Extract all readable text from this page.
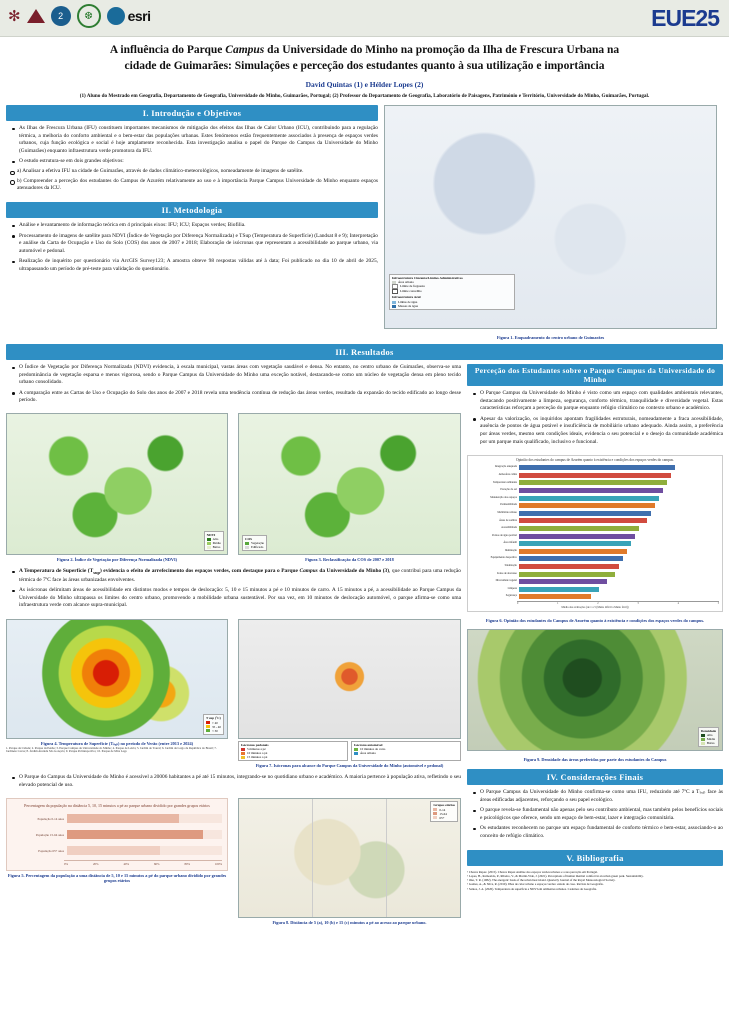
✻	2	❆	esri	EUE25
A influência do Parque Campus da Universidade do Minho na promoção da Ilha de Frescura Urbana na
cidade de Guimarães: Simulações e perceção dos estudantes quanto à sua utilização e importância
David Quintas (1) e Hélder Lopes (2)
(1) Aluno do Mestrado em Geografia, Departamento de Geografia, Universidade do Minho, Guimarães, Portugal; (2) Professor do Departamento de Geografia, Laboratório de Paisagens, Património e Território, Universidade do Minho, Guimarães, Portugal.
I. Introdução e Objetivos
As Ilhas de Frescura Urbana (IFU) constituem importantes mecanismos de mitigação dos efeitos das Ilhas de Calor Urbano (ICU), contribuindo para a regulação térmica, a melhoria do conforto ambiental e o bem-estar das populações urbanas. Estes fenómenos estão frequentemente associados à presença de espaços verdes urbanos, cuja função ecológica e social é hoje amplamente reconhecida. Esta investigação analisa o papel do Parque do Campus da Universidade do Minho (Guimarães) enquanto infraestrutura verde promotora da IFU.
O estudo estrutura-se em dois grandes objetivos:
a) Analisar a efetiva IFU na cidade de Guimarães, através de dados climático-meteorológicos, nomeadamente de imagens de satélite.
b) Compreender a perceção dos estudantes do Campus de Azurém relativamente ao uso e à importância Parque Campus Universidade do Minho enquanto espaços atenuadores da ICU.
II. Metodologia
Análise e levantamento de informação teórica em 4 principais eixos: IFU; ICU; Espaços verdes; Biofilia.
Processamento de imagens de satélite para NDVI (Índice de Vegetação por Diferença Normalizada) e TSup (Temperatura de Superfície) (Landsat 8 e 9); Interpretação e análise da Carta de Ocupação e Uso do Solo (COS) dos anos de 2007 e 2018; Elaboração de isócronas que representam a acessibilidade ao parque urbano, via automóvel e pedonal.
Realização de inquérito por questionário via ArcGIS Survey123; A amostra obteve 98 respostas válidas até à data; Foi publicado no dia 10 de abril de 2025, ultrapassando um período de pré-teste para validação do questionário.
Infraestrutura Cinzenta/Limites Administrativos
Área urbana
Limite de freguesia
Limite concelhio
Infraestrutura Azul
Linhas de água
Massas de água
Figura 1. Enquadramento do centro urbano de Guimarães
III. Resultados
O Índice de Vegetação por Diferença Normalizada (NDVI) evidencia, à escala municipal, vastas áreas com vegetação saudável e densa. No entanto, no centro urbano de Guimarães, observa-se uma predominância de vegetação esparsa e menos vigorosa, sendo o Parque Campus da Universidade do Minho uma exceção notável, destacando-se como um núcleo de vegetação densa em pleno tecido urbano consolidado.
A comparação entre as Cartas de Uso e Ocupação do Solo dos anos de 2007 e 2018 revela uma tendência contínua de redução das áreas verdes, resultado da expansão do tecido edificado ao longo desse período.
NDVI
Alto
Médio
Baixo
Figura 2. Índice de Vegetação por Diferença Normalizada (NDVI)
COS
Vegetação
Edificado
Figura 3. Reclassificação da COS de 2007 e 2018
A Temperatura de Superfície $(T_{sup})$ evidencia o efeito de arrefecimento dos espaços verdes, com destaque para o Parque Campus da Universidade do Minho (3), que contribui para uma redução térmica de 7ºC face às áreas urbanizadas envolventes.
As isócronas delimitam áreas de acessibilidade em distintos modos e tempos de deslocação: 5, 10 e 15 minutos a pé e 10 minutos de carro. A 15 minutos a pé, a acessibilidade ao Parque Campus da Universidade do Minho ultrapassa os limites do centro urbano, promovendo a mobilidade urbana sustentável. Por sua vez, em 10 minutos de deslocação automóvel, o parque afirma-se como uma infraestrutura verde com alcance supra-municipal.
T sup (ºC)
> 40
35 - 40
< 30
Figura 4. Temperatura de Superfície (Tₛᵤₚ) no período de Verão (entre 2013 e 2024)
1. Parque da Cidade; 2. Parque da Penha; 3. Parque Campus da Universidade do Minho; 4. Parque de Leiria; 5. Jardim do Toural; 6. Jardim da Largo da República do Brasil; 7. Jardinete Cavas; 8. Jardim Avenida São Gonçalo; 9. Parque Polidesportivo; 10. Parque de Mira Lago
Isócronas pedonais
5 minutos a pé
10 minutos a pé
15 minutos a pé
Isócrona automóvel
10 minutos de carro
Área urbana
Figura 7. Isócronas para alcance do Parque Campus da Universidade do Minho (automóvel e pedonal)
O Parque do Campus da Universidade do Minho é acessível a 20006 habitantes a pé até 15 minutos, integrando-se no quotidiano urbano e académico. A maioria pertence à população ativa, refletindo o seu elevado potencial de uso.
Percentagem da população na distância 5, 10, 15 minutos a pé ao parque urbano dividido por grandes grupos etários
População 0-14 anos
População 15-64 anos
População 65+ anos
0%	20%	40%	60%	80%	100%
Figura 5. Percentagem da população a uma distância de 5, 10 e 15 minutos a pé do parque urbano dividido por grandes grupos etários
Grupos etários
0-14
15-64
65+
Figura 8. Distância de 5 (a), 10 (b) e 15 (c) minutos a pé ao acesso ao parque urbano.
Perceção dos Estudantes sobre o Parque Campus da Universidade do Minho
O Parque Campus da Universidade do Minho é visto como um espaço com qualidades ambientais relevantes, destacando positivamente a limpeza, segurança, conforto térmico, tranquilidade e diversidade vegetal. Estas características reforçam a perceção do parque enquanto refúgio climático no contexto urbano e académico.
Apesar da valorização, os inquiridos apontam fragilidades estruturais, nomeadamente a fraca acessibilidade, ausência de pontos de água potável e insuficiência de mobiliário urbano adequado. Ainda assim, a preferência por áreas verdes, mesmo sem condições ideais, evidencia o seu potencial e o desejo da comunidade académica por um parque mais qualificado, inclusivo e funcional.
Opinião dos estudantes do campus de Azurém quanto à existência e condições dos espaços verdes do campus.
Integração adequada
Atmosfera calma
Temperatura ambiente
Proteção do sol
Manutenção dos espaços
Permeabilidade
Mobiliário urbano
Áreas de sombra
Acessibilidade
Pontos de água potável
Área infantil
Iluminação
Equipamento desportivo
Sinalização
Zonas de descanso
Diversidade vegetal
Limpeza
Segurança
0	1	2	3	4	5
Média das avaliações (de 1 a 5 (Muito difícil a Muito fácil))
Figura 6. Opinião dos estudantes do Campus de Azurém quanto à existência e condições dos espaços verdes do campus.
Densidade
Alta
Média
Baixa
Figura 9. Densidade das áreas preferidas por parte dos estudantes do Campus
IV. Considerações Finais
O Parque Campus da Universidade do Minho confirma-se como uma IFU, reduzindo até 7ºC a Tₛᵤₚ face às áreas edificadas adjacentes, reforçando o seu papel ecológico.
O parque revela-se fundamental não apenas pelo seu contributo ambiental, mas também pelos benefícios sociais e psicológicos que oferece, sendo um espaço de bem-estar, lazer e integração comunitária.
Os estudantes reconhecem no parque um espaço fundamental de conforto térmico e bem-estar, associando-o ao conceito de refúgio climático.
V. Bibliografia
• Chaves Rapaz. (2015). Chaves Rapaz Análise dos espaços verdes urbanos e a sua perceção em Portugal.
• Lopes, H., Remoaldo, P., Ribeiro, V., & Martín-Vide, J. (2021). Perceptions of human thermal comfort in an urban green park. Sustainability.
• Oke, T. R. (1982). The energetic basis of the urban heat island. Quarterly Journal of the Royal Meteorological Society.
• Gomes, A., & Silva, R. (2019). Ilhas de calor urbano e espaços verdes: estudo de caso. Revista de Geografia.
• Santos, J. A. (2020). Temperatura de superfície e NDVI em ambientes urbanos. Cadernos de Geografia.
